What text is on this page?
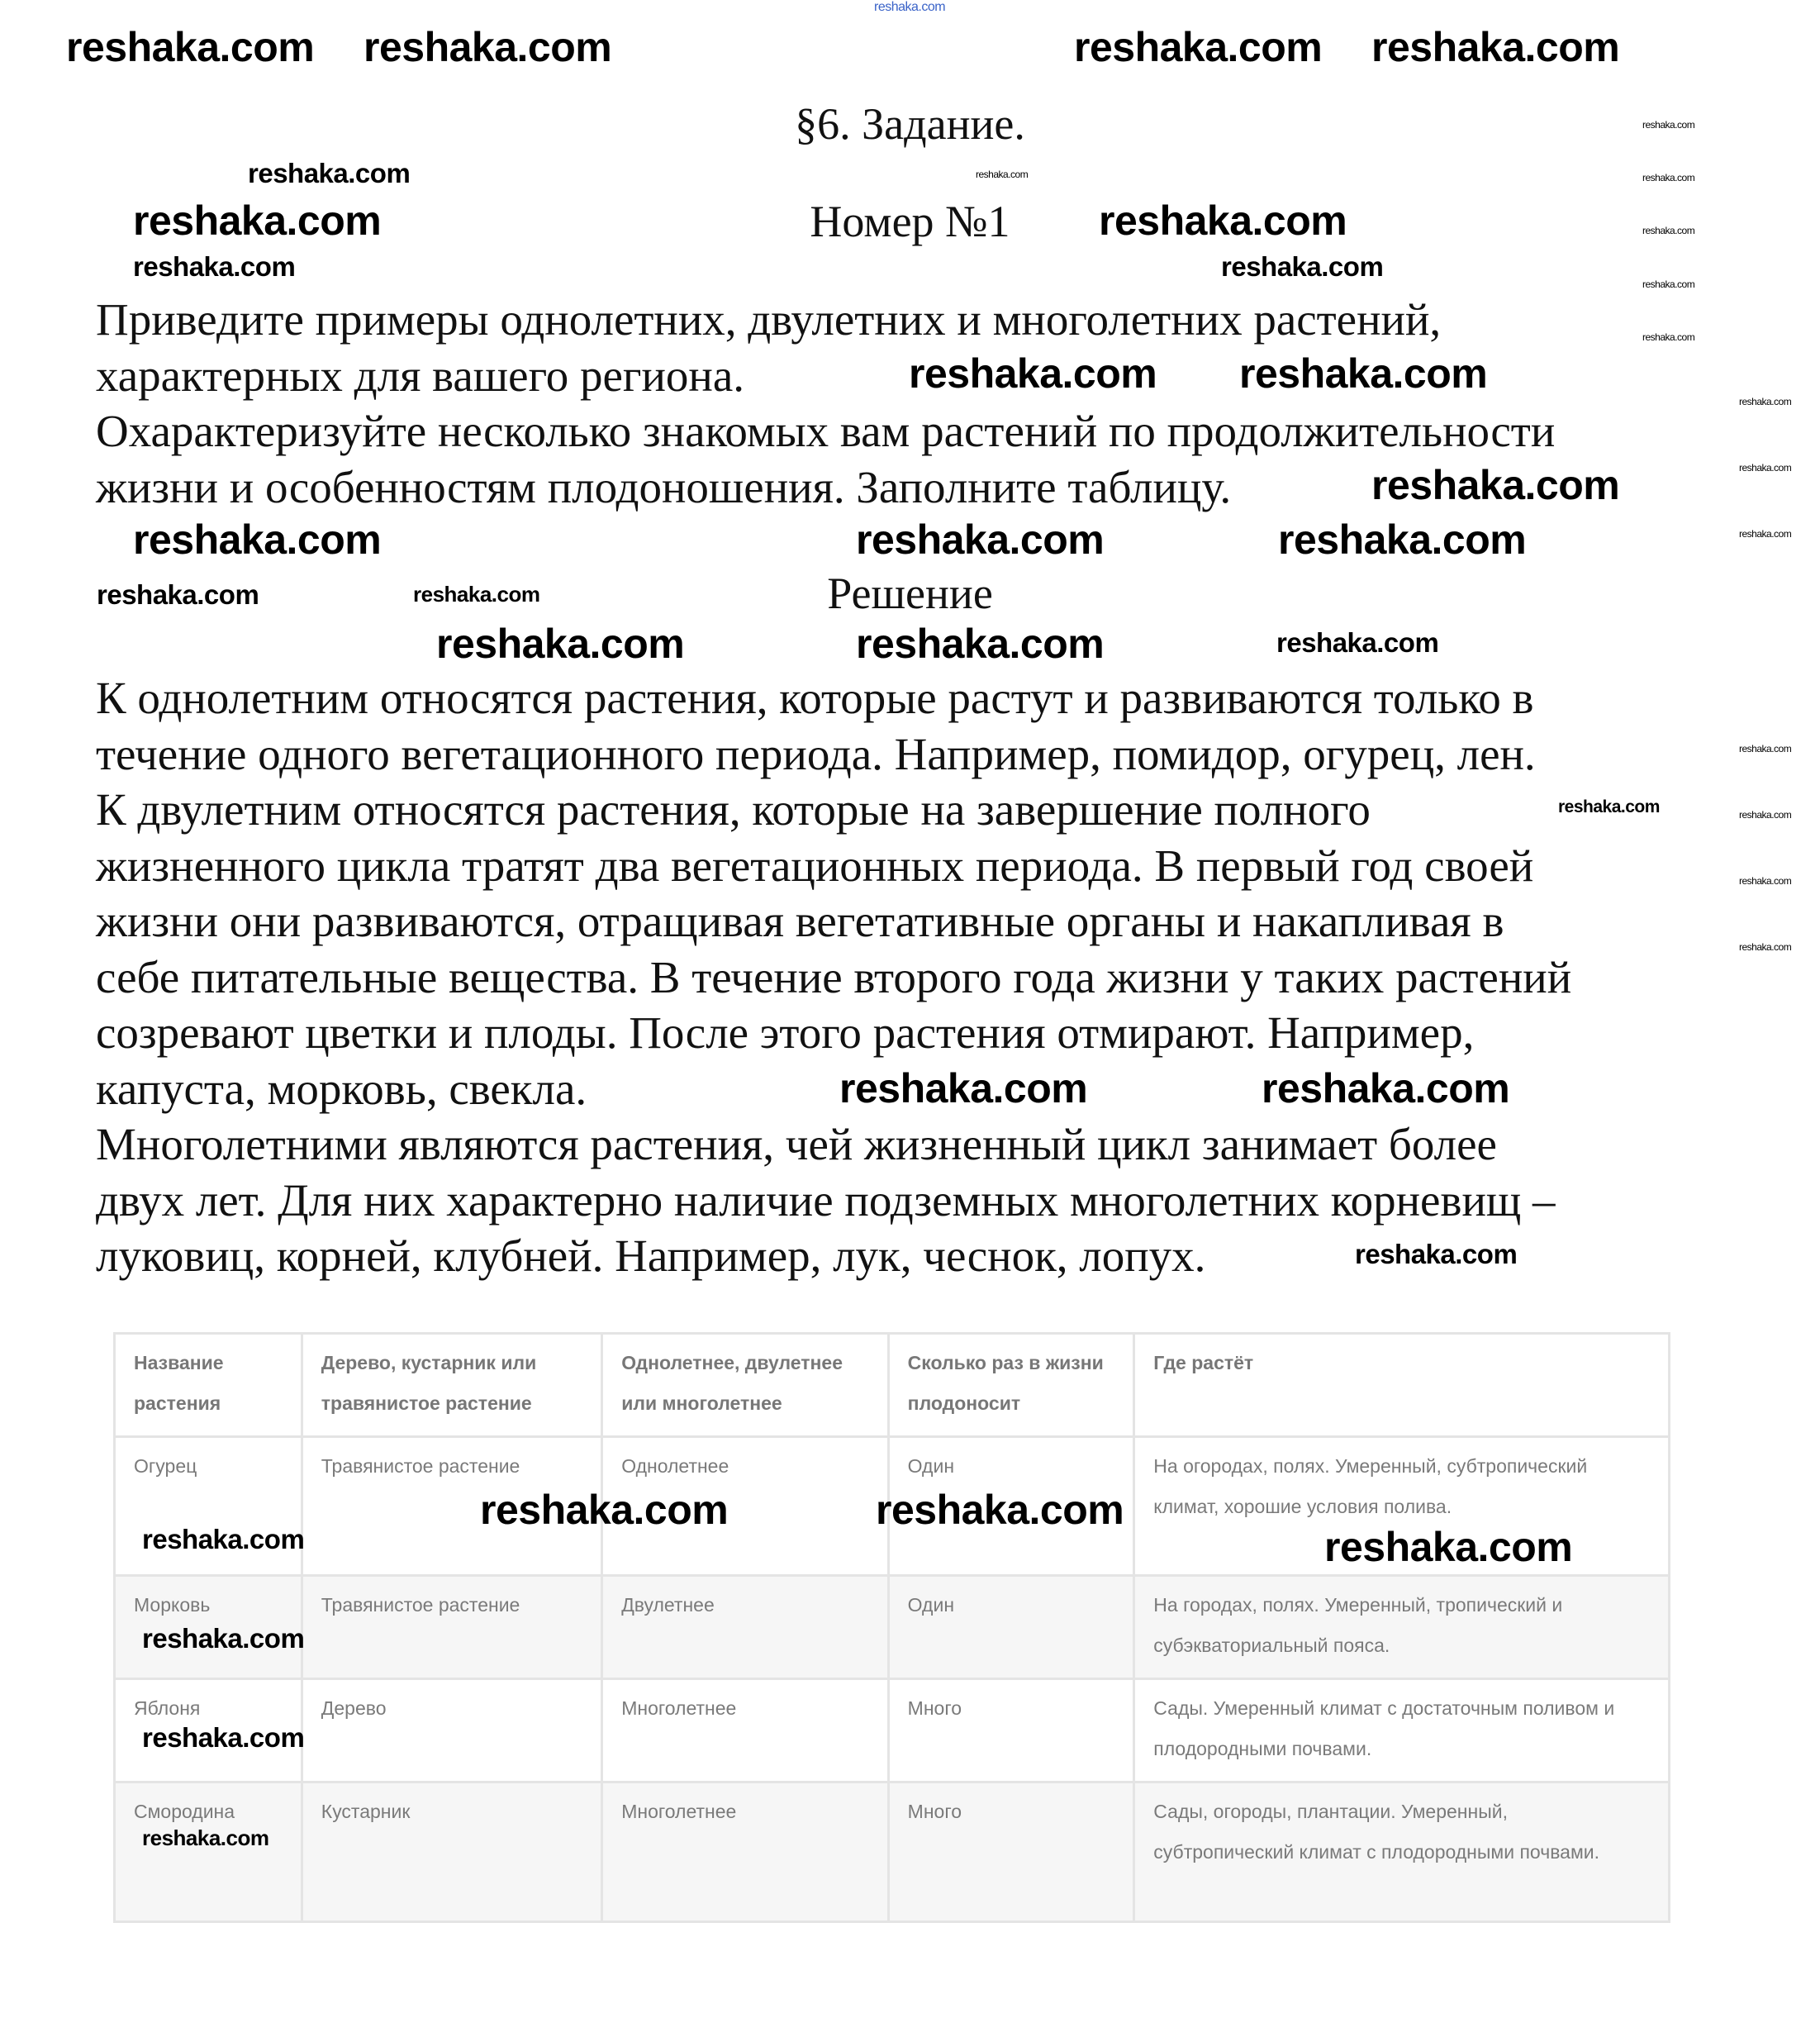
§6. Задание.
Номер №1
Приведите примеры однолетних, двулетних и многолетних растений,
характерных для вашего региона.
Охарактеризуйте несколько знакомых вам растений по продолжительности
жизни и особенностям плодоношения. Заполните таблицу.
Решение
К однолетним относятся растения, которые растут и развиваются только в
течение одного вегетационного периода. Например, помидор, огурец, лен.
К двулетним относятся растения, которые на завершение полного
жизненного цикла тратят два вегетационных периода. В первый год своей
жизни они развиваются, отращивая вегетативные органы и накапливая в
себе питательные вещества. В течение второго года жизни у таких растений
созревают цветки и плоды. После этого растения отмирают. Например,
капуста, морковь, свекла.
Многолетними являются растения, чей жизненный цикл занимает более
двух лет. Для них характерно наличие подземных многолетних корневищ –
луковиц, корней, клубней. Например, лук, чеснок, лопух.
Название растения	Дерево, кустарник или травянистое растение	Однолетнее, двулетнее или многолетнее	Сколько раз в жизни плодоносит	Где растёт
Огурец	Травянистое растение	Однолетнее	Один	На огородах, полях. Умеренный, субтропический климат, хорошие условия полива.
Морковь	Травянистое растение	Двулетнее	Один	На городах, полях. Умеренный, тропический и субэкваториальный пояса.
Яблоня	Дерево	Многолетнее	Много	Сады. Умеренный климат с достаточным поливом и плодородными почвами.
Смородина	Кустарник	Многолетнее	Много	Сады, огороды, плантации. Умеренный, субтропический климат с плодородными почвами.
reshaka.com
reshaka.com
reshaka.com
reshaka.com
reshaka.com
reshaka.com
reshaka.com
reshaka.com
reshaka.com
reshaka.com
reshaka.com
reshaka.com
reshaka.com
reshaka.com
reshaka.com
reshaka.com
reshaka.com	reshaka.com
reshaka.com	reshaka.com
reshaka.com
reshaka.com
reshaka.com
reshaka.com
reshaka.com
reshaka.com
reshaka.com reshaka.com	reshaka.com reshaka.com
reshaka.com	reshaka.com
reshaka.com reshaka.com
reshaka.com
reshaka.com	reshaka.com	reshaka.com
reshaka.com	reshaka.com
reshaka.com	reshaka.com
reshaka.com	reshaka.com
reshaka.com
